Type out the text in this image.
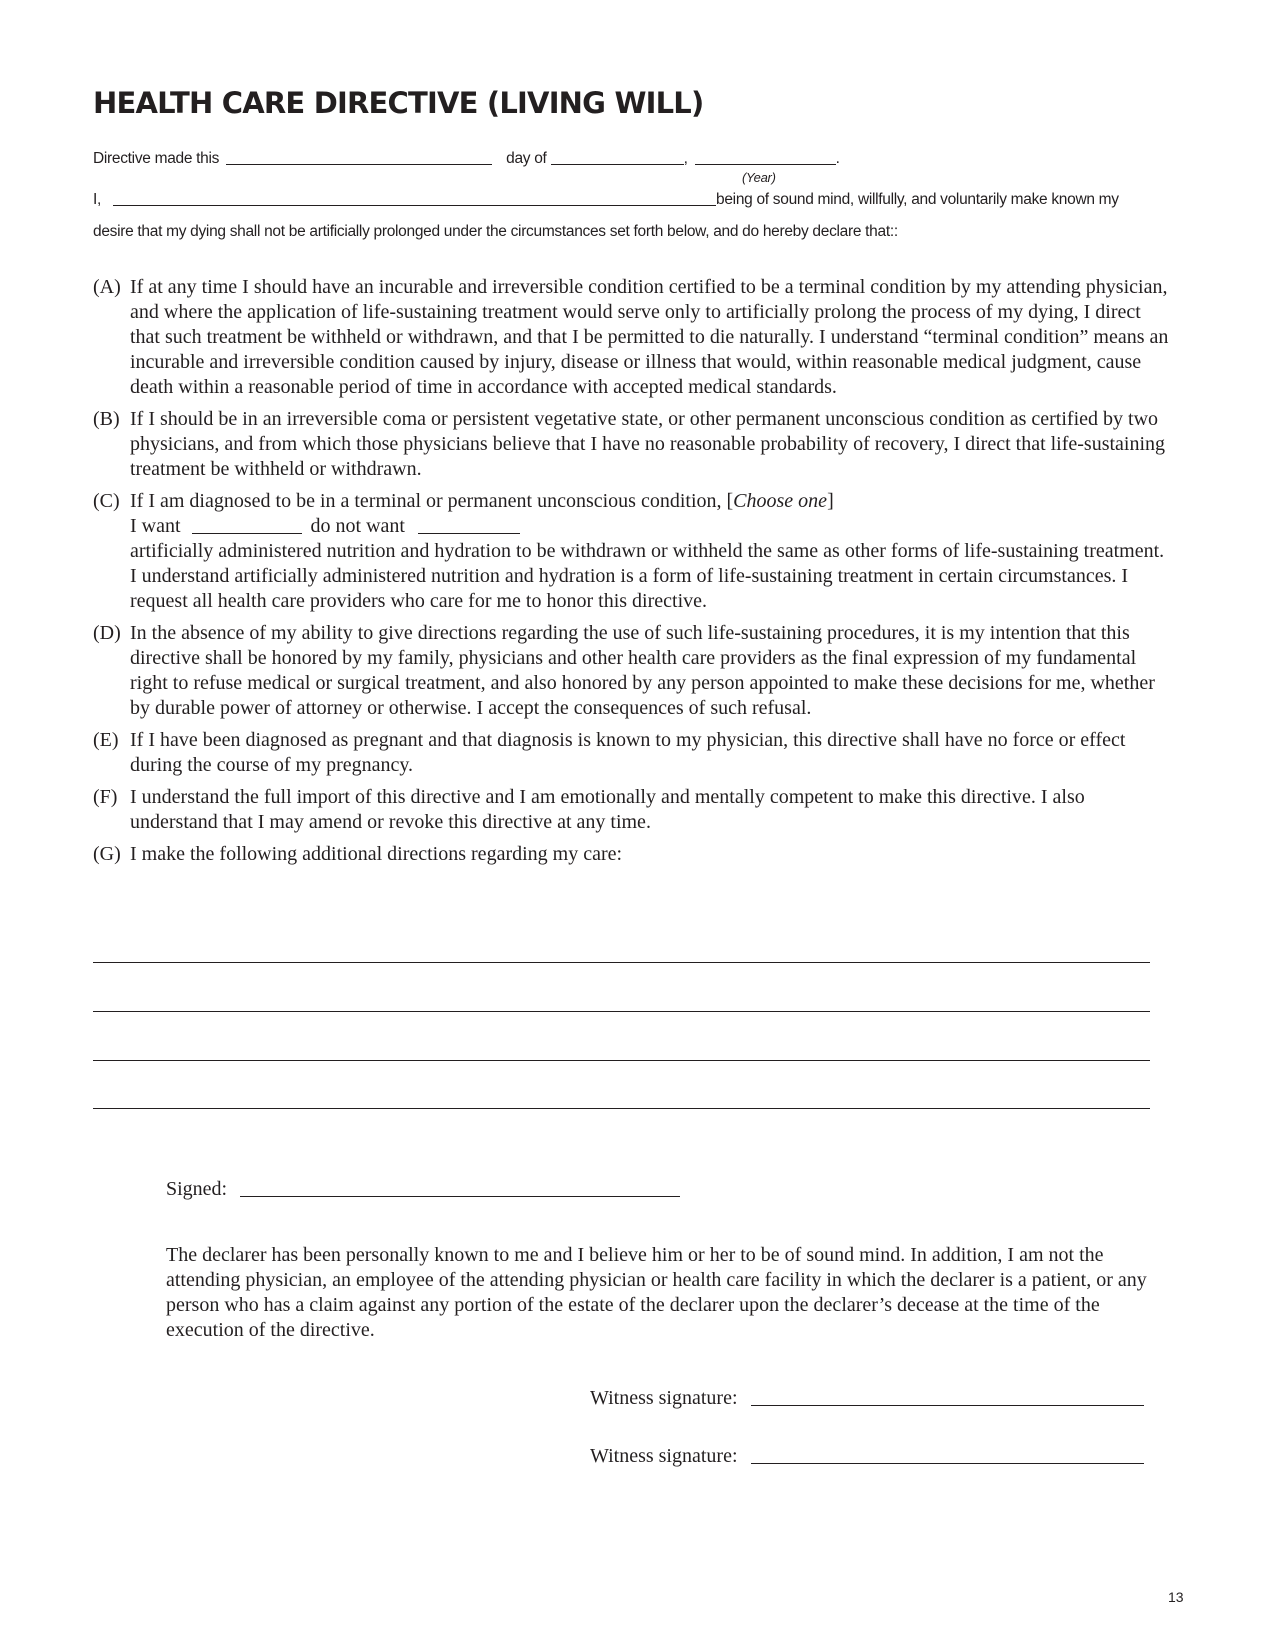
HEALTH CARE DIRECTIVE (LIVING WILL)
Directive made this	day of	,	.
(Year)
I,	being of sound mind, willfully, and voluntarily make known my
desire that my dying shall not be artificially prolonged under the circumstances set forth below, and do hereby declare that::
(A) If at any time I should have an incurable and irreversible condition certified to be a terminal condition by my attending physician, and where the application of life-sustaining treatment would serve only to artificially prolong the process of my dying, I direct that such treatment be withheld or withdrawn, and that I be permitted to die naturally. I understand “terminal condition” means an incurable and irreversible condition caused by injury, disease or illness that would, within reasonable medical judgment, cause death within a reasonable period of time in accordance with accepted medical standards.

(B) If I should be in an irreversible coma or persistent vegetative state, or other permanent unconscious condition as certified by two physicians, and from which those physicians believe that I have no reasonable probability of recovery, I direct that life-sustaining treatment be withheld or withdrawn.

(C) If I am diagnosed to be in a terminal or permanent unconscious condition, [Choose one]

I want	do not want

artificially administered nutrition and hydration to be withdrawn or withheld the same as other forms of life-sustaining treatment. I understand artificially administered nutrition and hydration is a form of life-sustaining treatment in certain circumstances. I request all health care providers who care for me to honor this directive.

(D) In the absence of my ability to give directions regarding the use of such life-sustaining procedures, it is my intention that this directive shall be honored by my family, physicians and other health care providers as the final expression of my fundamental right to refuse medical or surgical treatment, and also honored by any person appointed to make these decisions for me, whether by durable power of attorney or otherwise. I accept the consequences of such refusal.

(E) If I have been diagnosed as pregnant and that diagnosis is known to my physician, this directive shall have no force or effect during the course of my pregnancy.

(F) I understand the full import of this directive and I am emotionally and mentally competent to make this directive. I also understand that I may amend or revoke this directive at any time.

(G) I make the following additional directions regarding my care:

Signed:

The declarer has been personally known to me and I believe him or her to be of sound mind. In addition, I am not the attending physician, an employee of the attending physician or health care facility in which the declarer is a patient, or any person who has a claim against any portion of the estate of the declarer upon the declarer’s decease at the time of the execution of the directive.

Witness signature:
Witness signature:
13
